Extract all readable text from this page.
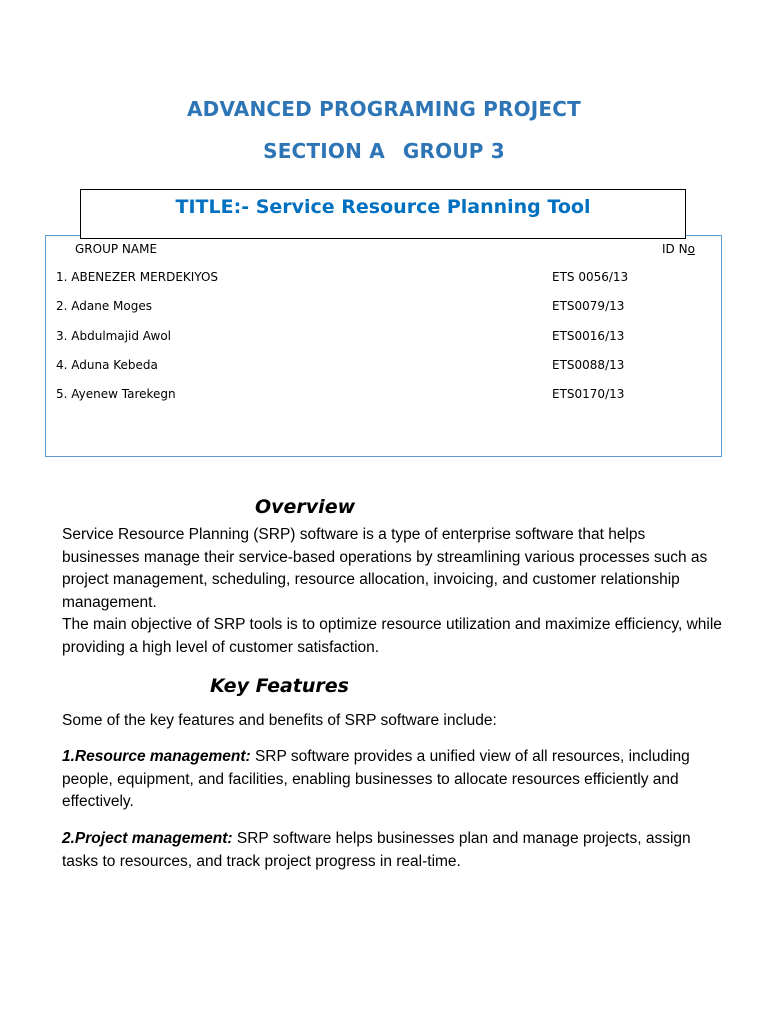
ADVANCED PROGRAMING PROJECT
SECTION A GROUP 3
TITLE:- Service Resource Planning Tool
GROUP NAME	ID No
1. ABENEZER MERDEKIYOS	ETS 0056/13
2. Adane Moges	ETS0079/13
3. Abdulmajid Awol	ETS0016/13
4. Aduna Kebeda	ETS0088/13
5. Ayenew Tarekegn	ETS0170/13
Overview

Service Resource Planning (SRP) software is a type of enterprise software that helps businesses manage their service-based operations by streamlining various processes such as project management, scheduling, resource allocation, invoicing, and customer relationship management.

The main objective of SRP tools is to optimize resource utilization and maximize efficiency, while providing a high level of customer satisfaction.

Key Features
Some of the key features and benefits of SRP software include:
1.Resource management: SRP software provides a unified view of all resources, including people, equipment, and facilities, enabling businesses to allocate resources efficiently and effectively.
2.Project management: SRP software helps businesses plan and manage projects, assign tasks to resources, and track project progress in real-time.
